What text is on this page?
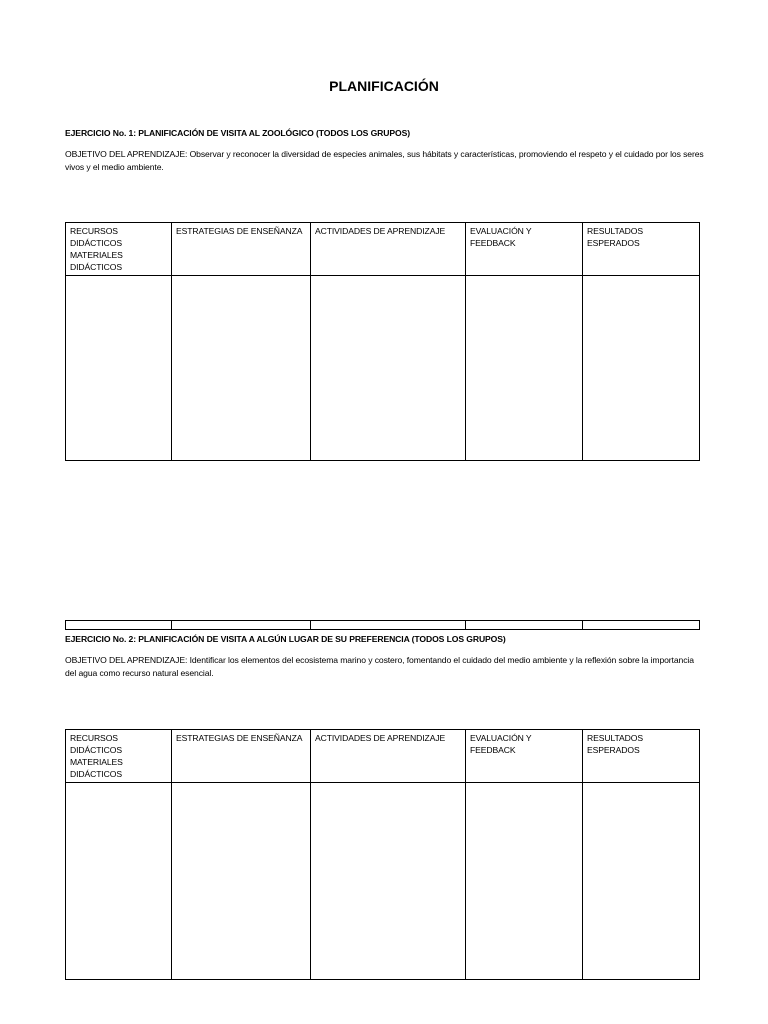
PLANIFICACIÓN
EJERCICIO No. 1: PLANIFICACIÓN DE VISITA AL ZOOLÓGICO (TODOS LOS GRUPOS)
OBJETIVO DEL APRENDIZAJE: Observar y reconocer la diversidad de especies animales, sus hábitats y características, promoviendo el respeto y el cuidado por los seres vivos y el medio ambiente.
RECURSOS
DIDÁCTICOS
MATERIALES
DIDÁCTICOS	ESTRATEGIAS DE ENSEÑANZA	ACTIVIDADES DE APRENDIZAJE	EVALUACIÓN Y FEEDBACK	RESULTADOS ESPERADOS

EJERCICIO No. 2: PLANIFICACIÓN DE VISITA A ALGÚN LUGAR DE SU PREFERENCIA (TODOS LOS GRUPOS)
OBJETIVO DEL APRENDIZAJE: Identificar los elementos del ecosistema marino y costero, fomentando el cuidado del medio ambiente y la reflexión sobre la importancia del agua como recurso natural esencial.
RECURSOS
DIDÁCTICOS
MATERIALES
DIDÁCTICOS	ESTRATEGIAS DE ENSEÑANZA	ACTIVIDADES DE APRENDIZAJE	EVALUACIÓN Y FEEDBACK	RESULTADOS ESPERADOS
